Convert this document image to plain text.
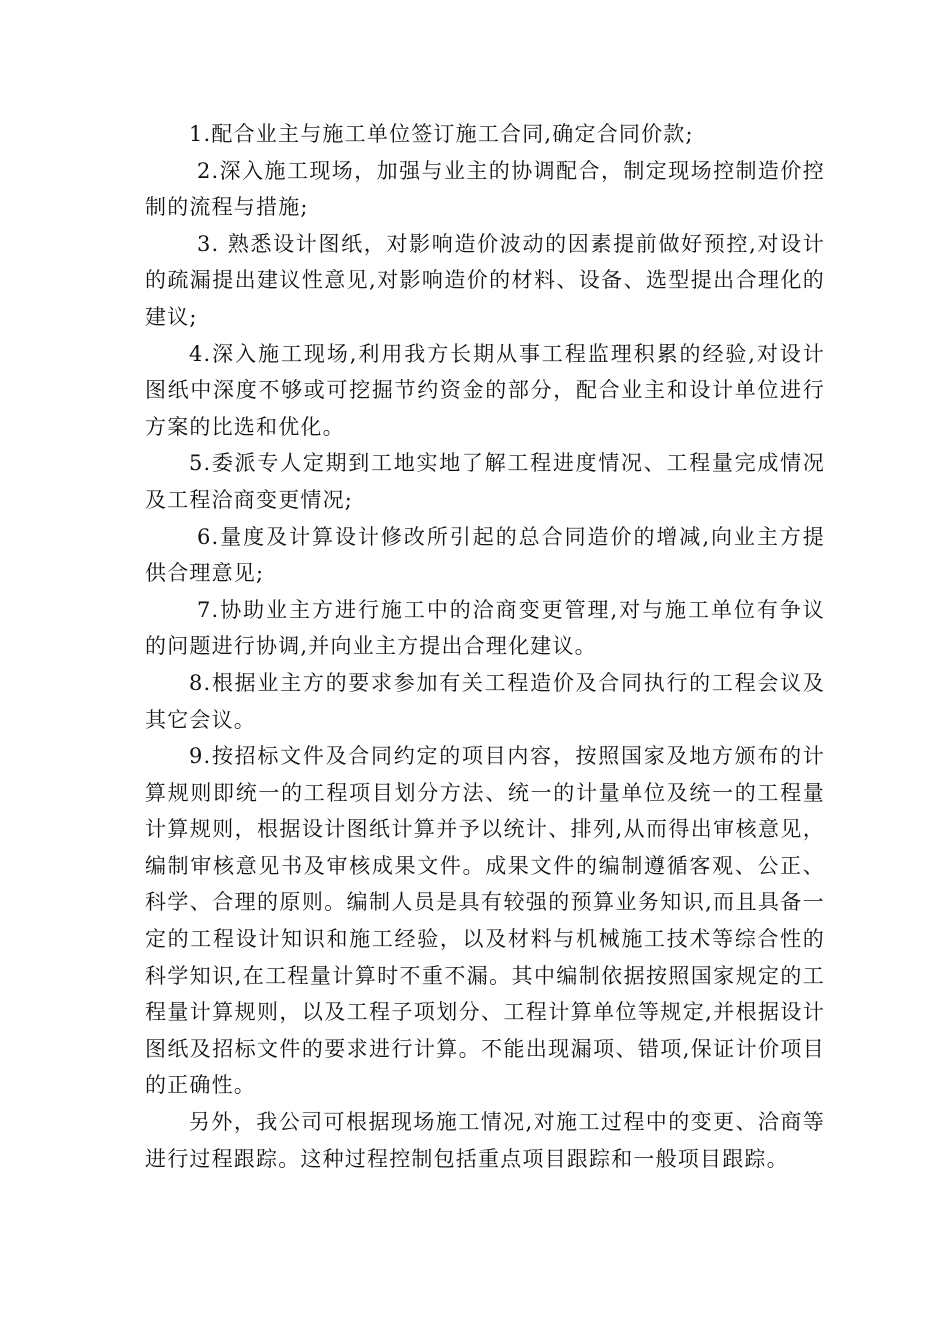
1.配合业主与施工单位签订施工合同,确定合同价款;

2.深入施工现场，加强与业主的协调配合，制定现场控制造价控制的流程与措施;

3. 熟悉设计图纸，对影响造价波动的因素提前做好预控,对设计的疏漏提出建议性意见,对影响造价的材料、设备、选型提出合理化的建议;

4.深入施工现场,利用我方长期从事工程监理积累的经验,对设计图纸中深度不够或可挖掘节约资金的部分，配合业主和设计单位进行方案的比选和优化。

5.委派专人定期到工地实地了解工程进度情况、工程量完成情况及工程洽商变更情况;

6.量度及计算设计修改所引起的总合同造价的增减,向业主方提供合理意见;

7.协助业主方进行施工中的洽商变更管理,对与施工单位有争议的问题进行协调,并向业主方提出合理化建议。

8.根据业主方的要求参加有关工程造价及合同执行的工程会议及其它会议。

9.按招标文件及合同约定的项目内容，按照国家及地方颁布的计算规则即统一的工程项目划分方法、统一的计量单位及统一的工程量计算规则，根据设计图纸计算并予以统计、排列,从而得出审核意见，编制审核意见书及审核成果文件。成果文件的编制遵循客观、公正、科学、合理的原则。编制人员是具有较强的预算业务知识,而且具备一定的工程设计知识和施工经验，以及材料与机械施工技术等综合性的科学知识,在工程量计算时不重不漏。其中编制依据按照国家规定的工程量计算规则，以及工程子项划分、工程计算单位等规定,并根据设计图纸及招标文件的要求进行计算。不能出现漏项、错项,保证计价项目的正确性。

另外，我公司可根据现场施工情况,对施工过程中的变更、洽商等进行过程跟踪。这种过程控制包括重点项目跟踪和一般项目跟踪。
